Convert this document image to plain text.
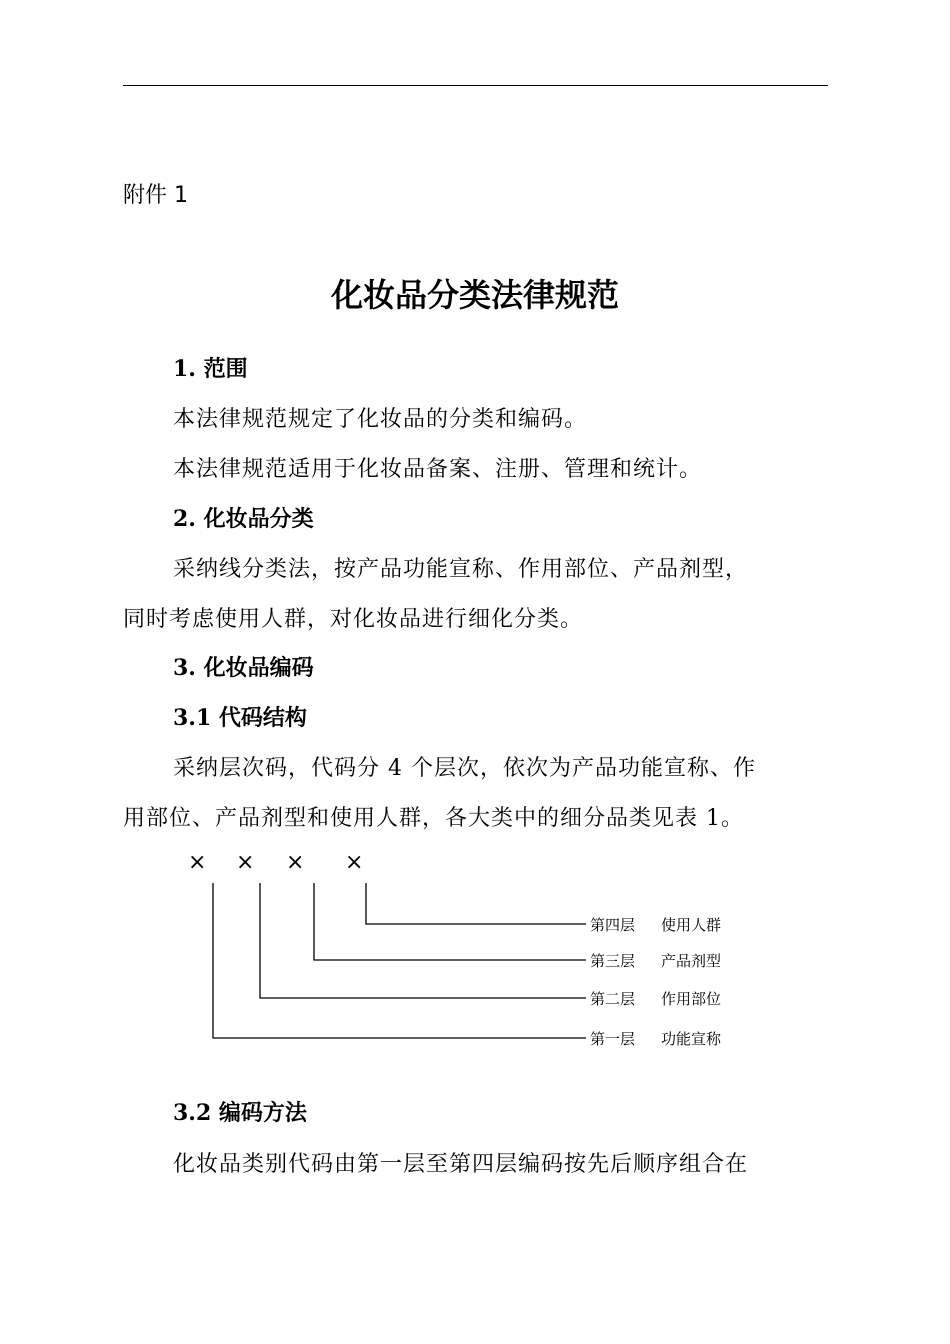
附件 1
化妆品分类法律规范
1. 范围
本法律规范规定了化妆品的分类和编码。
本法律规范适用于化妆品备案、注册、管理和统计。
2. 化妆品分类
采纳线分类法，按产品功能宣称、作用部位、产品剂型，
同时考虑使用人群，对化妆品进行细化分类。
3. 化妆品编码
3.1 代码结构
采纳层次码，代码分 4 个层次，依次为产品功能宣称、作
用部位、产品剂型和使用人群，各大类中的细分品类见表 1。
× × × ×
第四层 使用人群
第三层 产品剂型
第二层 作用部位
第一层 功能宣称
3.2 编码方法
化妆品类别代码由第一层至第四层编码按先后顺序组合在
